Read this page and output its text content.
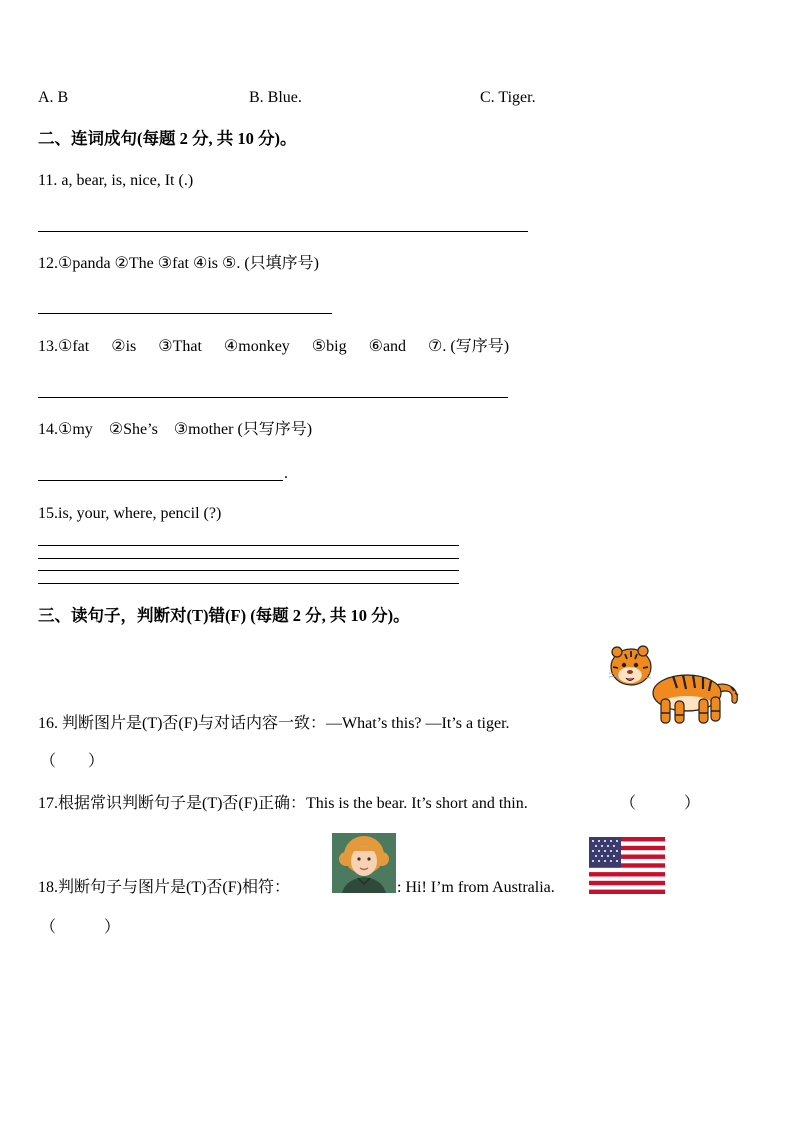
A. B	B. Blue.	C. Tiger.
二、连词成句(每题 2 分, 共 10 分)。
11. a, bear, is, nice, It (.)
12.①panda ②The ③fat ④is ⑤. (只填序号)
13.①fat ②is ③That ④monkey ⑤big ⑥and ⑦. (写序号)
14.①my ②She’s ③mother (只写序号)
.
15.is, your, where, pencil (?)
三、读句子，判断对(T)错(F) (每题 2 分, 共 10 分)。
16. 判断图片是(T)否(F)与对话内容一致：—What’s this? —It’s a tiger.
（　　）
17.根据常识判断句子是(T)否(F)正确：This is the bear. It’s short and thin.	（　　　）
18.判断句子与图片是(T)否(F)相符：	: Hi! I’m from Australia.
（　　　）
